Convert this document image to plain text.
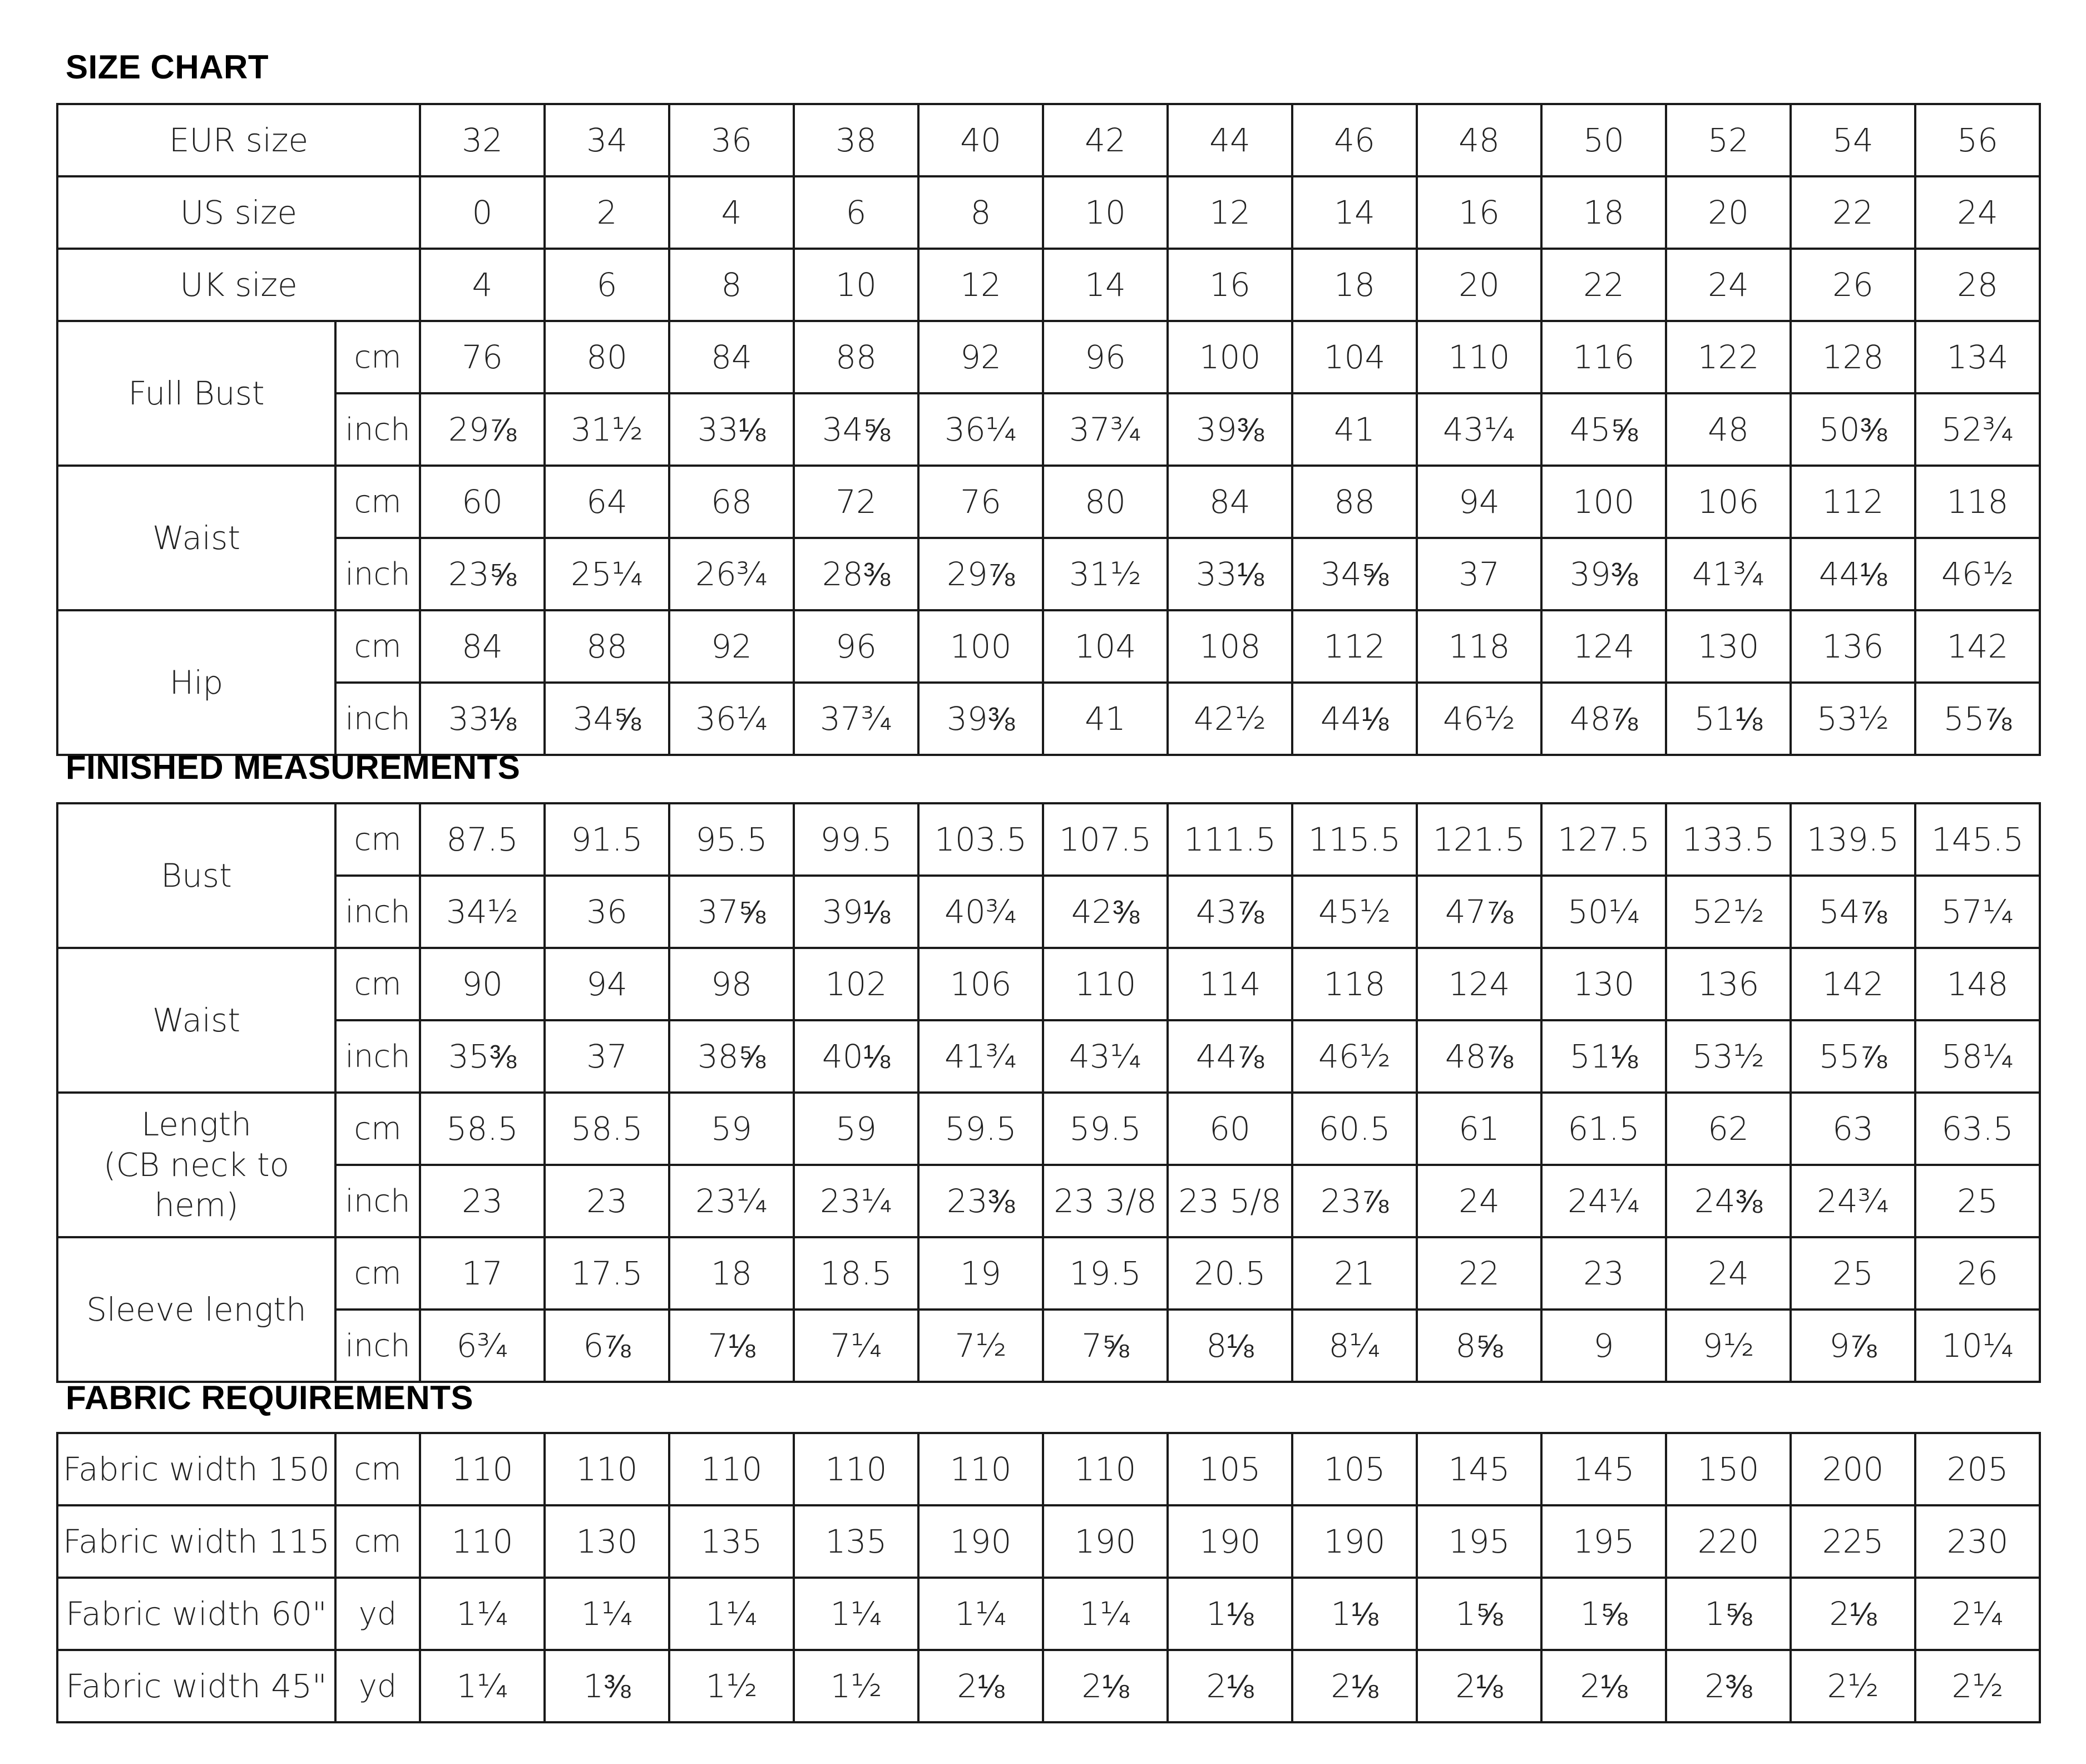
SIZE CHART
EUR size		32	34	36	38	40	42	44	46	48	50	52	54	56
US size		0	2	4	6	8	10	12	14	16	18	20	22	24
UK size		4	6	8	10	12	14	16	18	20	22	24	26	28

Full Bust	cm	76	80	84	88	92	96	100	104	110	116	122	128	134
	inch	29⅞	31½	33⅛	34⅝	36¼	37¾	39⅜	41	43¼	45⅝	48	50⅜	52¾

Waist	cm	60	64	68	72	76	80	84	88	94	100	106	112	118
	inch	23⅝	25¼	26¾	28⅜	29⅞	31½	33⅛	34⅝	37	39⅜	41¾	44⅛	46½

Hip	cm	84	88	92	96	100	104	108	112	118	124	130	136	142
	inch	33⅛	34⅝	36¼	37¾	39⅜	41	42½	44⅛	46½	48⅞	51⅛	53½	55⅞
FINISHED MEASUREMENTS
Bust	cm	87.5	91.5	95.5	99.5	103.5	107.5	111.5	115.5	121.5	127.5	133.5	139.5	145.5
	inch	34½	36	37⅝	39⅛	40¾	42⅜	43⅞	45½	47⅞	50¼	52½	54⅞	57¼

Waist	cm	90	94	98	102	106	110	114	118	124	130	136	142	148
	inch	35⅜	37	38⅝	40⅛	41¾	43¼	44⅞	46½	48⅞	51⅛	53½	55⅞	58¼

Length
(CB neck to hem)	cm	58.5	58.5	59	59	59.5	59.5	60	60.5	61	61.5	62	63	63.5
	inch	23	23	23¼	23¼	23⅜	23 3/8	23 5/8	23⅞	24	24¼	24⅜	24¾	25

Sleeve length	cm	17	17.5	18	18.5	19	19.5	20.5	21	22	23	24	25	26
	inch	6¾	6⅞	7⅛	7¼	7½	7⅝	8⅛	8¼	8⅝	9	9½	9⅞	10¼
FABRIC REQUIREMENTS
Fabric width 150	cm	110	110	110	110	110	110	105	105	145	145	150	200	205
Fabric width 115	cm	110	130	135	135	190	190	190	190	195	195	220	225	230
Fabric width 60"	yd	1¼	1¼	1¼	1¼	1¼	1¼	1⅛	1⅛	1⅝	1⅝	1⅝	2⅛	2¼
Fabric width 45"	yd	1¼	1⅜	1½	1½	2⅛	2⅛	2⅛	2⅛	2⅛	2⅛	2⅜	2½	2½
